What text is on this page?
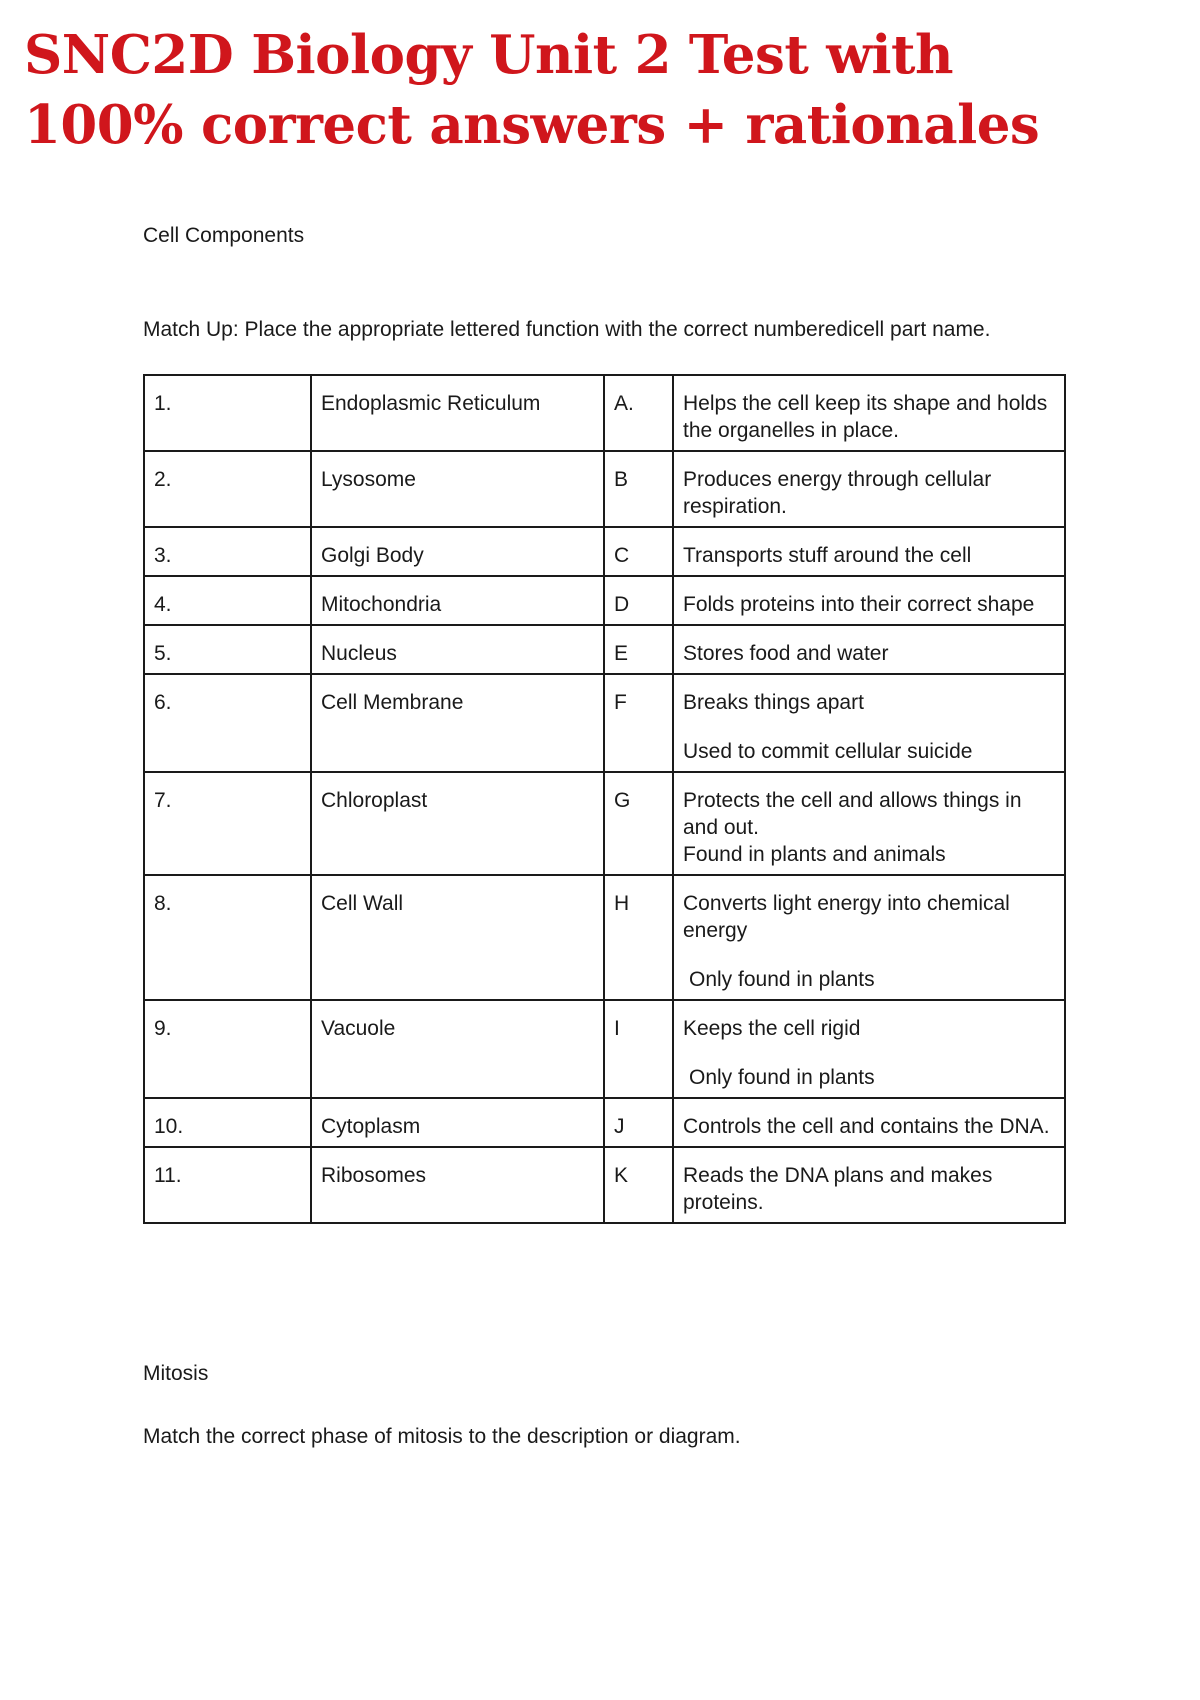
SNC2D Biology Unit 2 Test with
100% correct answers + rationales
Cell Components

Match Up: Place the appropriate lettered function with the correct numberedicell part name.

1.	Endoplasmic Reticulum	A.	Helps the cell keep its shape and holds the organelles in place.

2.	Lysosome	B	Produces energy through cellular respiration.

3.	Golgi Body	C	Transports stuff around the cell

4.	Mitochondria	D	Folds proteins into their correct shape

5.	Nucleus	E	Stores food and water

6.	Cell Membrane	F	Breaks things apart
Used to commit cellular suicide

7.	Chloroplast	G	Protects the cell and allows things in and out.
Found in plants and animals

8.	Cell Wall	H	Converts light energy into chemical energy
Only found in plants

9.	Vacuole	I	Keeps the cell rigid
Only found in plants

10.	Cytoplasm	J	Controls the cell and contains the DNA.

11.	Ribosomes	K	Reads the DNA plans and makes proteins.
Mitosis

Match the correct phase of mitosis to the description or diagram.
